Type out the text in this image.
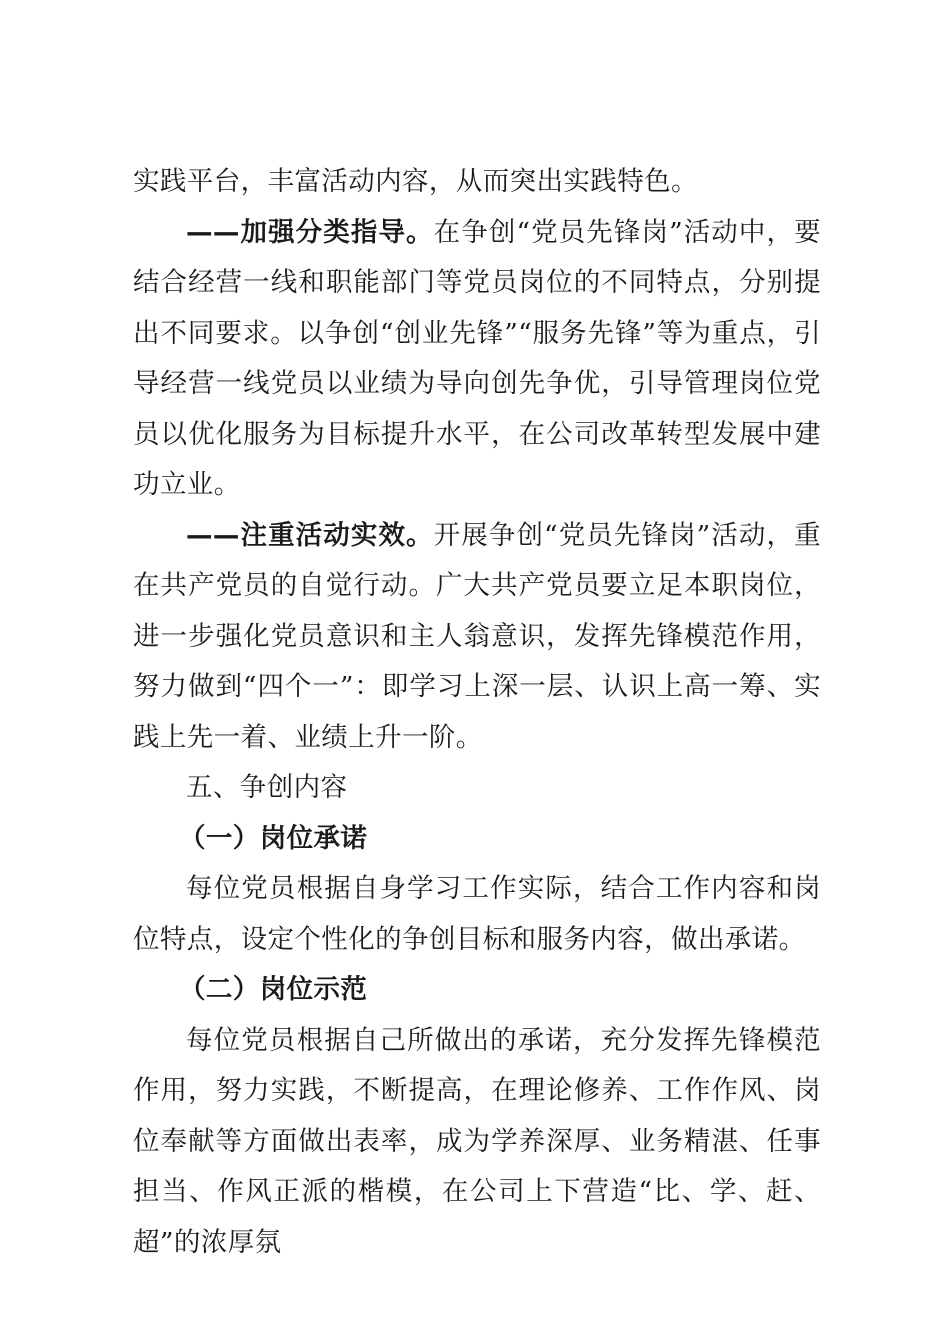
实践平台，丰富活动内容，从而突出实践特色。

——加强分类指导。在争创“党员先锋岗”活动中，要结合经营一线和职能部门等党员岗位的不同特点，分别提出不同要求。以争创“创业先锋”“服务先锋”等为重点，引导经营一线党员以业绩为导向创先争优，引导管理岗位党员以优化服务为目标提升水平，在公司改革转型发展中建功立业。

——注重活动实效。开展争创“党员先锋岗”活动，重在共产党员的自觉行动。广大共产党员要立足本职岗位，进一步强化党员意识和主人翁意识，发挥先锋模范作用，努力做到“四个一”：即学习上深一层、认识上高一筹、实践上先一着、业绩上升一阶。

五、争创内容

（一）岗位承诺

每位党员根据自身学习工作实际，结合工作内容和岗位特点，设定个性化的争创目标和服务内容，做出承诺。

（二）岗位示范

每位党员根据自己所做出的承诺，充分发挥先锋模范作用，努力实践，不断提高，在理论修养、工作作风、岗位奉献等方面做出表率，成为学养深厚、业务精湛、任事担当、作风正派的楷模，在公司上下营造“比、学、赶、超”的浓厚氛
